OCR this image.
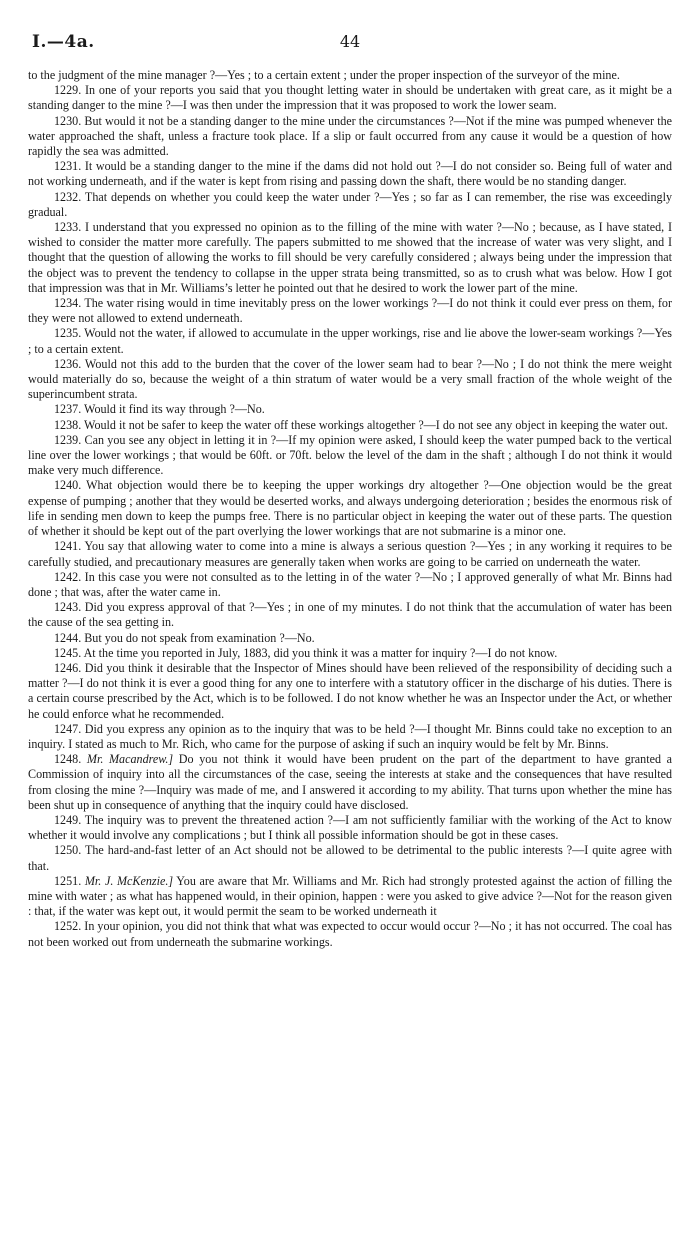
I.—4a.	44

to the judgment of the mine manager ?—Yes ; to a certain extent ; under the proper inspection of the surveyor of the mine.

1229. In one of your reports you said that you thought letting water in should be undertaken with great care, as it might be a standing danger to the mine ?—I was then under the impression that it was proposed to work the lower seam.

1230. But would it not be a standing danger to the mine under the circumstances ?—Not if the mine was pumped whenever the water approached the shaft, unless a fracture took place. If a slip or fault occurred from any cause it would be a question of how rapidly the sea was admitted.

1231. It would be a standing danger to the mine if the dams did not hold out ?—I do not consider so. Being full of water and not working underneath, and if the water is kept from rising and passing down the shaft, there would be no standing danger.

1232. That depends on whether you could keep the water under ?—Yes ; so far as I can remember, the rise was exceedingly gradual.

1233. I understand that you expressed no opinion as to the filling of the mine with water ?—No ; because, as I have stated, I wished to consider the matter more carefully. The papers submitted to me showed that the increase of water was very slight, and I thought that the question of allowing the works to fill should be very carefully considered ; always being under the impression that the object was to prevent the tendency to collapse in the upper strata being transmitted, so as to crush what was below. How I got that impression was that in Mr. Williams’s letter he pointed out that he desired to work the lower part of the mine.

1234. The water rising would in time inevitably press on the lower workings ?—I do not think it could ever press on them, for they were not allowed to extend underneath.

1235. Would not the water, if allowed to accumulate in the upper workings, rise and lie above the lower-seam workings ?—Yes ; to a certain extent.

1236. Would not this add to the burden that the cover of the lower seam had to bear ?—No ; I do not think the mere weight would materially do so, because the weight of a thin stratum of water would be a very small fraction of the whole weight of the superincumbent strata.

1237. Would it find its way through ?—No.

1238. Would it not be safer to keep the water off these workings altogether ?—I do not see any object in keeping the water out.

1239. Can you see any object in letting it in ?—If my opinion were asked, I should keep the water pumped back to the vertical line over the lower workings ; that would be 60ft. or 70ft. below the level of the dam in the shaft ; although I do not think it would make very much difference.

1240. What objection would there be to keeping the upper workings dry altogether ?—One objection would be the great expense of pumping ; another that they would be deserted works, and always undergoing deterioration ; besides the enormous risk of life in sending men down to keep the pumps free. There is no particular object in keeping the water out of these parts. The question of whether it should be kept out of the part overlying the lower workings that are not submarine is a minor one.

1241. You say that allowing water to come into a mine is always a serious question ?—Yes ; in any working it requires to be carefully studied, and precautionary measures are generally taken when works are going to be carried on underneath the water.

1242. In this case you were not consulted as to the letting in of the water ?—No ; I approved generally of what Mr. Binns had done ; that was, after the water came in.

1243. Did you express approval of that ?—Yes ; in one of my minutes. I do not think that the accumulation of water has been the cause of the sea getting in.

1244. But you do not speak from examination ?—No.

1245. At the time you reported in July, 1883, did you think it was a matter for inquiry ?—I do not know.

1246. Did you think it desirable that the Inspector of Mines should have been relieved of the responsibility of deciding such a matter ?—I do not think it is ever a good thing for any one to interfere with a statutory officer in the discharge of his duties. There is a certain course prescribed by the Act, which is to be followed. I do not know whether he was an Inspector under the Act, or whether he could enforce what he recommended.

1247. Did you express any opinion as to the inquiry that was to be held ?—I thought Mr. Binns could take no exception to an inquiry. I stated as much to Mr. Rich, who came for the purpose of asking if such an inquiry would be felt by Mr. Binns.

1248. Mr. Macandrew.] Do you not think it would have been prudent on the part of the department to have granted a Commission of inquiry into all the circumstances of the case, seeing the interests at stake and the consequences that have resulted from closing the mine ?—Inquiry was made of me, and I answered it according to my ability. That turns upon whether the mine has been shut up in consequence of anything that the inquiry could have disclosed.

1249. The inquiry was to prevent the threatened action ?—I am not sufficiently familiar with the working of the Act to know whether it would involve any complications ; but I think all possible information should be got in these cases.

1250. The hard-and-fast letter of an Act should not be allowed to be detrimental to the public interests ?—I quite agree with that.

1251. Mr. J. McKenzie.] You are aware that Mr. Williams and Mr. Rich had strongly protested against the action of filling the mine with water ; as what has happened would, in their opinion, happen : were you asked to give advice ?—Not for the reason given : that, if the water was kept out, it would permit the seam to be worked underneath it

1252. In your opinion, you did not think that what was expected to occur would occur ?—No ; it has not occurred. The coal has not been worked out from underneath the submarine workings.
